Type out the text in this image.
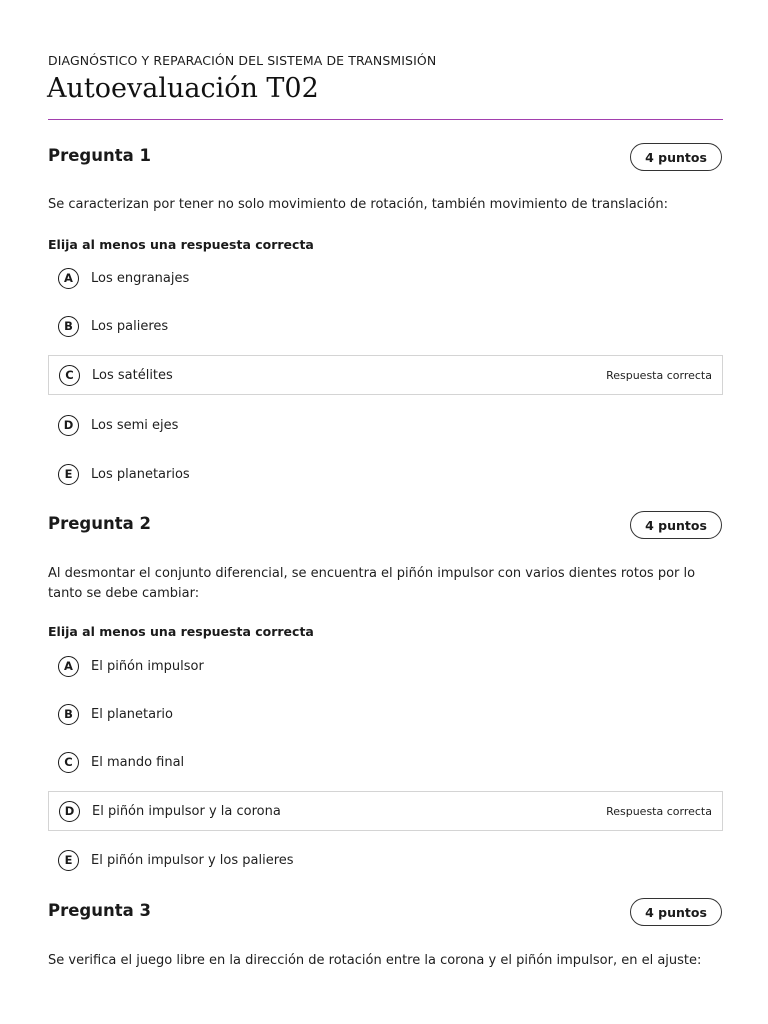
DIAGNÓSTICO Y REPARACIÓN DEL SISTEMA DE TRANSMISIÓN
Autoevaluación T02
Pregunta 1	4 puntos
Se caracterizan por tener no solo movimiento de rotación, también movimiento de translación:
Elija al menos una respuesta correcta
A	Los engranajes
B	Los palieres
C	Los satélites	Respuesta correcta
D	Los semi ejes
E	Los planetarios
Pregunta 2	4 puntos
Al desmontar el conjunto diferencial, se encuentra el piñón impulsor con varios dientes rotos por lo tanto se debe cambiar:
Elija al menos una respuesta correcta
A	El piñón impulsor
B	El planetario
C	El mando final
D	El piñón impulsor y la corona	Respuesta correcta
E	El piñón impulsor y los palieres
Pregunta 3	4 puntos
Se verifica el juego libre en la dirección de rotación entre la corona y el piñón impulsor, en el ajuste:
